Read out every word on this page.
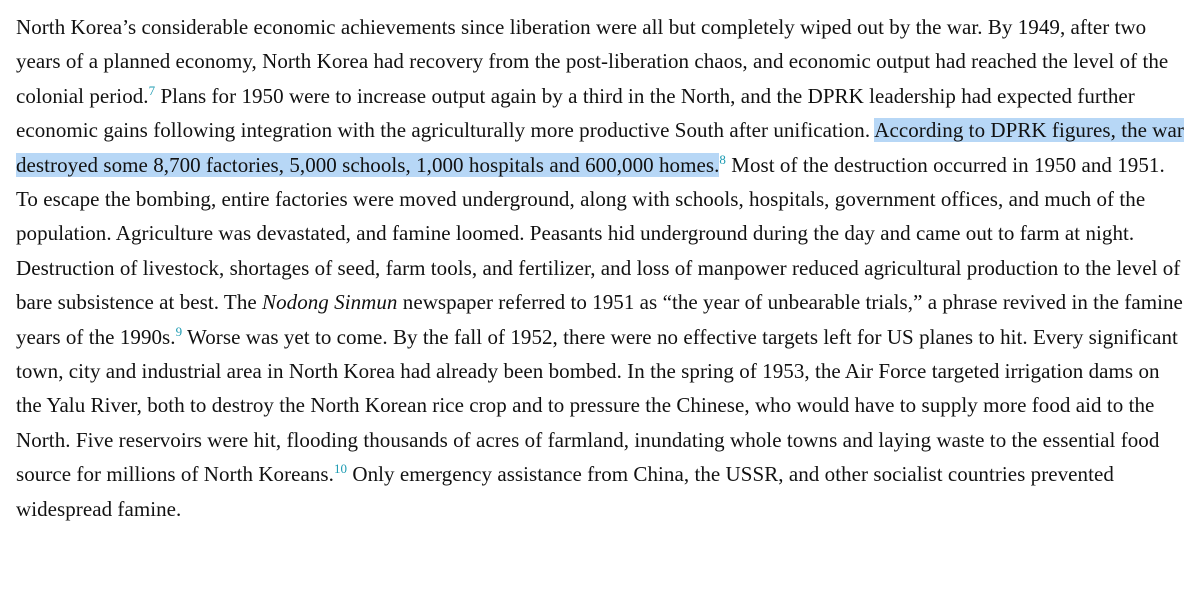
North Korea’s considerable economic achievements since liberation were all but completely wiped out by the war. By 1949, after two years of a planned economy, North Korea had recovery from the post-liberation chaos, and economic output had reached the level of the colonial period.$^7$ Plans for 1950 were to increase output again by a third in the North, and the DPRK leadership had expected further economic gains following integration with the agriculturally more productive South after unification. According to DPRK figures, the war destroyed some 8,700 factories, 5,000 schools, 1,000 hospitals and 600,000 homes.$^8$ Most of the destruction occurred in 1950 and 1951. To escape the bombing, entire factories were moved underground, along with schools, hospitals, government offices, and much of the population. Agriculture was devastated, and famine loomed. Peasants hid underground during the day and came out to farm at night. Destruction of livestock, shortages of seed, farm tools, and fertilizer, and loss of manpower reduced agricultural production to the level of bare subsistence at best. The Nodong Sinmun newspaper referred to 1951 as “the year of unbearable trials,” a phrase revived in the famine years of the 1990s.$^9$ Worse was yet to come. By the fall of 1952, there were no effective targets left for US planes to hit. Every significant town, city and industrial area in North Korea had already been bombed. In the spring of 1953, the Air Force targeted irrigation dams on the Yalu River, both to destroy the North Korean rice crop and to pressure the Chinese, who would have to supply more food aid to the North. Five reservoirs were hit, flooding thousands of acres of farmland, inundating whole towns and laying waste to the essential food source for millions of North Koreans.$^{10}$ Only emergency assistance from China, the USSR, and other socialist countries prevented widespread famine.
